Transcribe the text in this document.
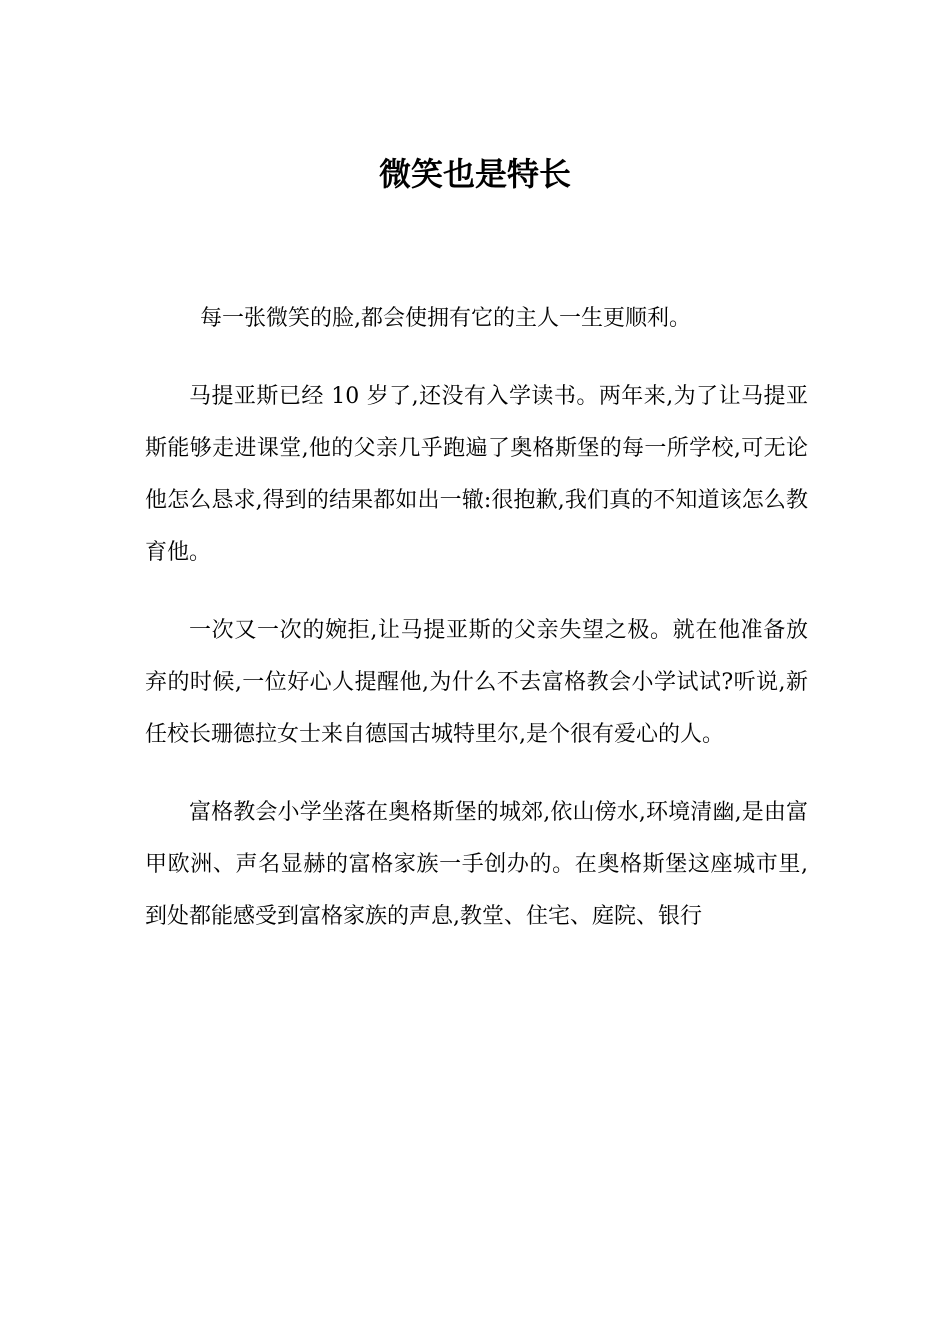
微笑也是特长

每一张微笑的脸,都会使拥有它的主人一生更顺利。

马提亚斯已经 10 岁了,还没有入学读书。两年来,为了让马提亚斯能够走进课堂,他的父亲几乎跑遍了奥格斯堡的每一所学校,可无论他怎么恳求,得到的结果都如出一辙:很抱歉,我们真的不知道该怎么教育他。

一次又一次的婉拒,让马提亚斯的父亲失望之极。就在他准备放弃的时候,一位好心人提醒他,为什么不去富格教会小学试试?听说,新任校长珊德拉女士来自德国古城特里尔,是个很有爱心的人。

富格教会小学坐落在奥格斯堡的城郊,依山傍水,环境清幽,是由富甲欧洲、声名显赫的富格家族一手创办的。在奥格斯堡这座城市里,到处都能感受到富格家族的声息,教堂、住宅、庭院、银行
